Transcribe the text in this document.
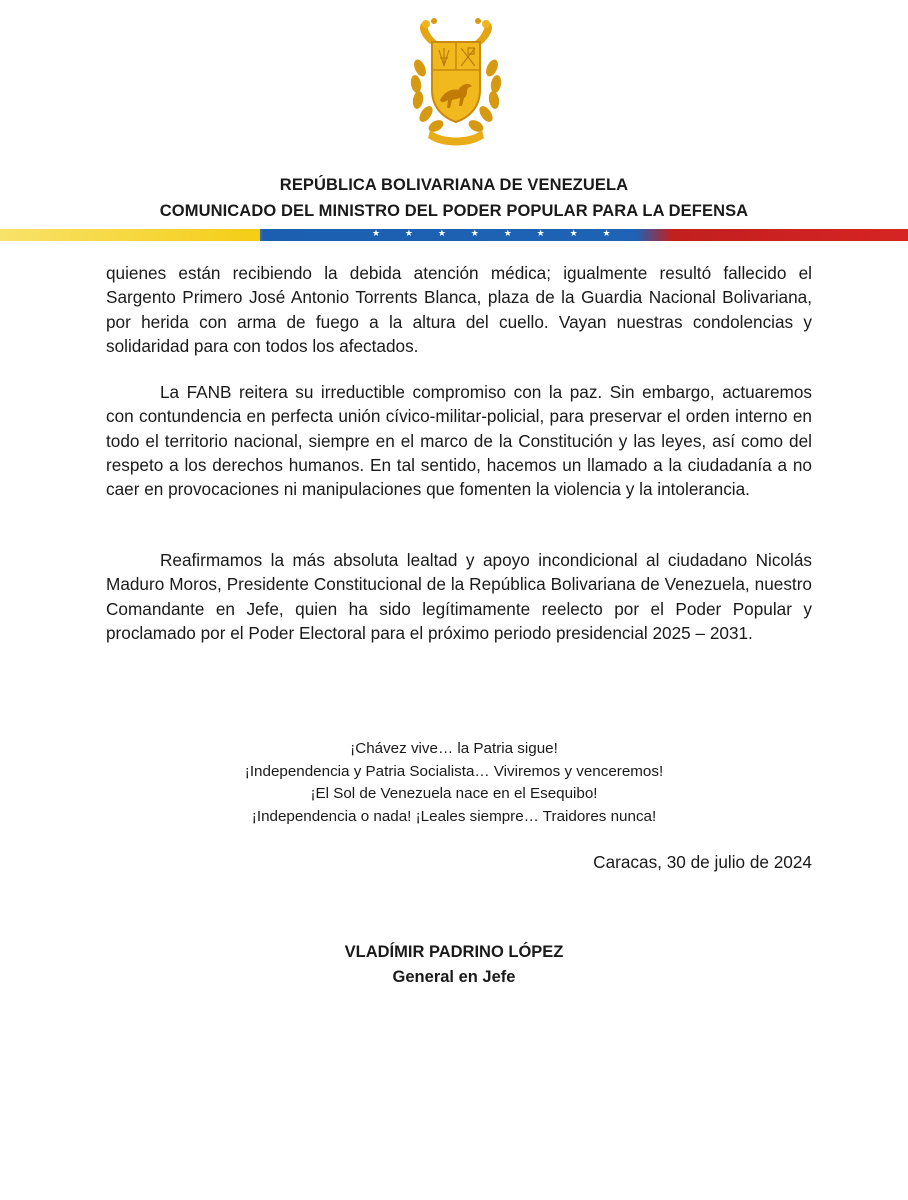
REPÚBLICA BOLIVARIANA DE VENEZUELA
COMUNICADO DEL MINISTRO DEL PODER POPULAR PARA LA DEFENSA
★ ★ ★ ★ ★ ★ ★ ★
quienes están recibiendo la debida atención médica; igualmente resultó fallecido el Sargento Primero José Antonio Torrents Blanca, plaza de la Guardia Nacional Bolivariana, por herida con arma de fuego a la altura del cuello. Vayan nuestras condolencias y solidaridad para con todos los afectados.
La FANB reitera su irreductible compromiso con la paz. Sin embargo, actuaremos con contundencia en perfecta unión cívico-militar-policial, para preservar el orden interno en todo el territorio nacional, siempre en el marco de la Constitución y las leyes, así como del respeto a los derechos humanos. En tal sentido, hacemos un llamado a la ciudadanía a no caer en provocaciones ni manipulaciones que fomenten la violencia y la intolerancia.
Reafirmamos la más absoluta lealtad y apoyo incondicional al ciudadano Nicolás Maduro Moros, Presidente Constitucional de la República Bolivariana de Venezuela, nuestro Comandante en Jefe, quien ha sido legítimamente reelecto por el Poder Popular y proclamado por el Poder Electoral para el próximo periodo presidencial 2025 – 2031.
¡Chávez vive… la Patria sigue!
¡Independencia y Patria Socialista… Viviremos y venceremos!
¡El Sol de Venezuela nace en el Esequibo!
¡Independencia o nada! ¡Leales siempre… Traidores nunca!
Caracas, 30 de julio de 2024
VLADÍMIR PADRINO LÓPEZ
General en Jefe
